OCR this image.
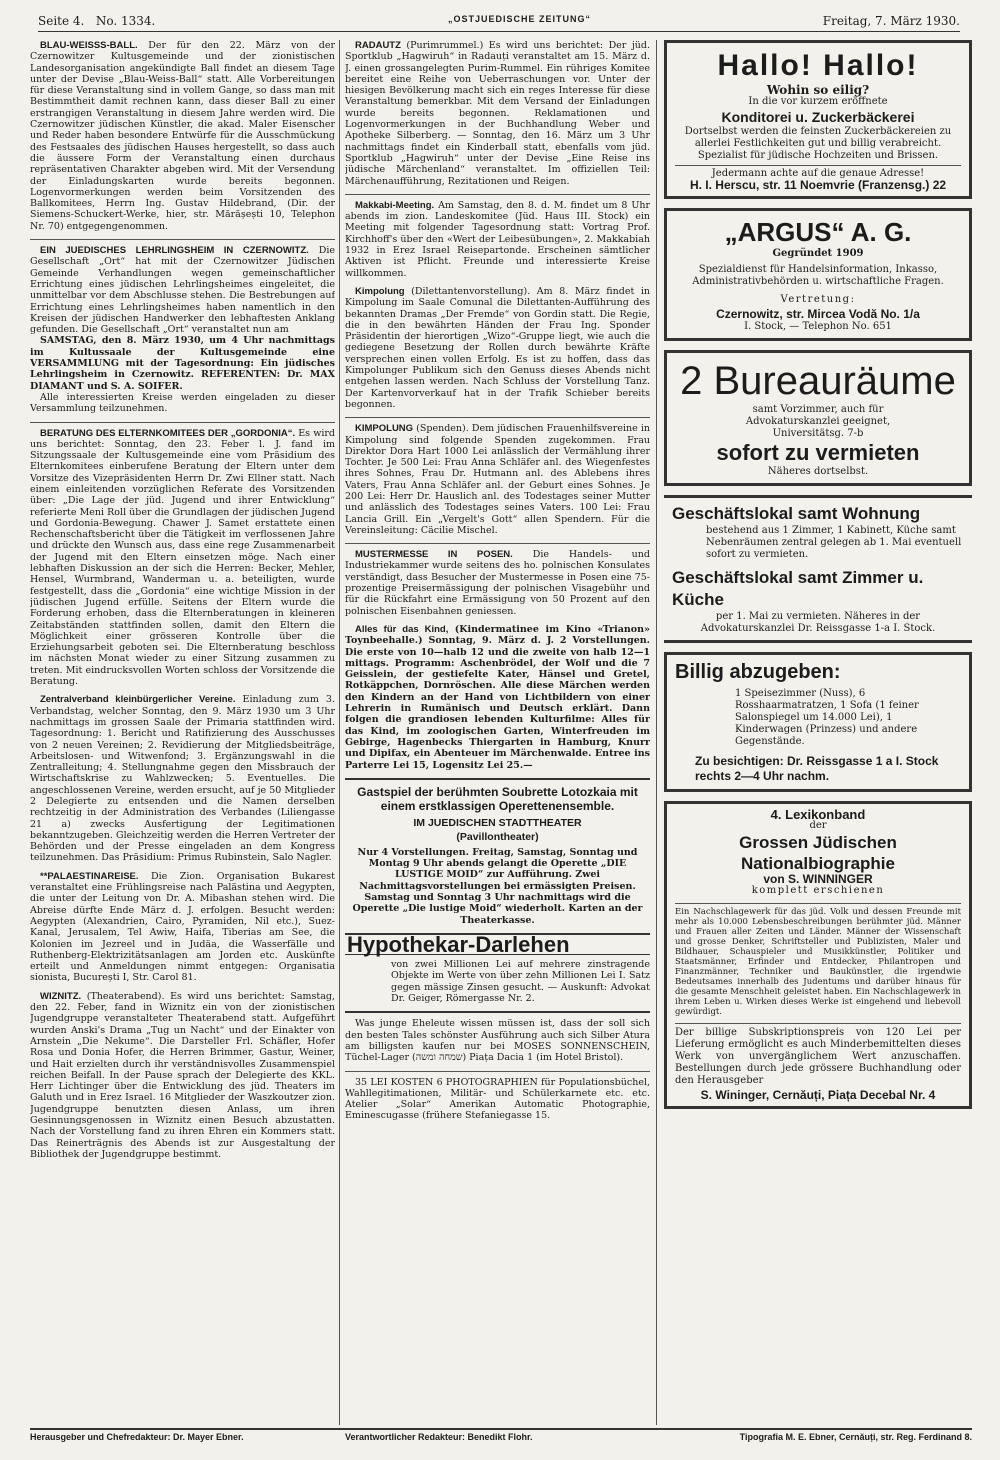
Seite 4. No. 1334.	„OSTJUEDISCHE ZEITUNG“	Freitag, 7. März 1930.

BLAU-WEISSS-BALL. Der für den 22. März von der Czernowitzer Kultusgemeinde und der zionistischen Landesorganisation angekündigte Ball findet an diesem Tage unter der Devise „Blau-Weiss-Ball“ statt. Alle Vorbereitungen für diese Veranstaltung sind in vollem Gange, so dass man mit Bestimmtheit damit rechnen kann, dass dieser Ball zu einer erstrangigen Veranstaltung in diesem Jahre werden wird. Die Czernowitzer jüdischen Künstler, die akad. Maler Eisenscher und Reder haben besondere Entwürfe für die Ausschmückung des Festsaales des jüdischen Hauses hergestellt, so dass auch die äussere Form der Veranstaltung einen durchaus repräsentativen Charakter abgeben wird. Mit der Versendung der Einladungskarten wurde bereits begonnen. Logenvormerkungen werden beim Vorsitzenden des Ballkomitees, Herrn Ing. Gustav Hildebrand, (Dir. der Siemens-Schuckert-Werke, hier, str. Mărășești 10, Telephon Nr. 70) entgegengenommen.

EIN JUEDISCHES LEHRLINGSHEIM IN CZERNOWITZ. Die Gesellschaft „Ort“ hat mit der Czernowitzer Jüdischen Gemeinde Verhandlungen wegen gemeinschaftlicher Errichtung eines jüdischen Lehrlingsheimes eingeleitet, die unmittelbar vor dem Abschlusse stehen. Die Bestrebungen auf Errichtung eines Lehrlingsheimes haben namentlich in den Kreisen der jüdischen Handwerker den lebhaftesten Anklang gefunden. Die Gesellschaft „Ort“ veranstaltet nun am

SAMSTAG, den 8. März 1930, um 4 Uhr nachmittags im Kultussaale der Kultusgemeinde eine VERSAMMLUNG mit der Tagesordnung: Ein jüdisches Lehrlingsheim in Czernowitz. REFERENTEN: Dr. MAX DIAMANT und S. A. SOIFER.

Alle interessierten Kreise werden eingeladen zu dieser Versammlung teilzunehmen.

BERATUNG DES ELTERNKOMITEES DER „GORDONIA“. Es wird uns berichtet: Sonntag, den 23. Feber l. J. fand im Sitzungssaale der Kultusgemeinde eine vom Präsidium des Elternkomitees einberufene Beratung der Eltern unter dem Vorsitze des Vizepräsidenten Herrn Dr. Zwi Ellner statt. Nach einem einleitenden vorzüglichen Referate des Vorsitzenden über: „Die Lage der jüd. Jugend und ihrer Entwicklung“ referierte Meni Roll über die Grundlagen der jüdischen Jugend und Gordonia-Bewegung. Chawer J. Samet erstattete einen Rechenschaftsbericht über die Tätigkeit im verflossenen Jahre und drückte den Wunsch aus, dass eine rege Zusammenarbeit der Jugend mit den Eltern einsetzen möge. Nach einer lebhaften Diskussion an der sich die Herren: Becker, Mehler, Hensel, Wurmbrand, Wanderman u. a. beteiligten, wurde festgestellt, dass die „Gordonia“ eine wichtige Mission in der jüdischen Jugend erfülle. Seitens der Eltern wurde die Forderung erhoben, dass die Elternberatungen in kleineren Zeitabständen stattfinden sollen, damit den Eltern die Möglichkeit einer grösseren Kontrolle über die Erziehungsarbeit geboten sei. Die Elternberatung beschloss im nächsten Monat wieder zu einer Sitzung zusammen zu treten. Mit eindrucksvollen Worten schloss der Vorsitzende die Beratung.

Zentralverband kleinbürgerlicher Vereine. Einladung zum 3. Verbandstag, welcher Sonntag, den 9. März 1930 um 3 Uhr nachmittags im grossen Saale der Primaria stattfinden wird. Tagesordnung: 1. Bericht und Ratifizierung des Ausschusses von 2 neuen Vereinen; 2. Revidierung der Mitgliedsbeiträge, Arbeitslosen- und Witwenfond; 3. Ergänzungswahl in die Zentralleitung; 4. Stellungnahme gegen den Missbrauch der Wirtschaftskrise zu Wahlzwecken; 5. Eventuelles. Die angeschlossenen Vereine, werden ersucht, auf je 50 Mitglieder 2 Delegierte zu entsenden und die Namen derselben rechtzeitig in der Administration des Verbandes (Liliengasse 21 a) zwecks Ausfertigung der Legitimationen bekanntzugeben. Gleichzeitig werden die Herren Vertreter der Behörden und der Presse eingeladen an dem Kongress teilzunehmen. Das Präsidium: Primus Rubinstein, Salo Nagler.

**PALAESTINAREISE. Die Zion. Organisation Bukarest veranstaltet eine Frühlingsreise nach Palästina und Aegypten, die unter der Leitung von Dr. A. Mibashan stehen wird. Die Abreise dürfte Ende März d. J. erfolgen. Besucht werden: Aegypten (Alexandrien, Cairo, Pyramiden, Nil etc.), Suez-Kanal, Jerusalem, Tel Awiw, Haifa, Tiberias am See, die Kolonien im Jezreel und in Judäa, die Wasserfälle und Ruthenberg-Elektrizitätsanlagen am Jorden etc. Auskünfte erteilt und Anmeldungen nimmt entgegen: Organisatia sionista, București I, Str. Carol 81.

WIZNITZ. (Theaterabend). Es wird uns berichtet: Samstag, den 22. Feber, fand in Wiznitz ein von der zionistischen Jugendgruppe veranstalteter Theaterabend statt. Aufgeführt wurden Anski's Drama „Tug un Nacht“ und der Einakter von Arnstein „Die Nekume“. Die Darsteller Frl. Schäfler, Hofer Rosa und Donia Hofer, die Herren Brimmer, Gastur, Weiner, und Hait erzielten durch ihr verständnisvolles Zusammenspiel reichen Beifall. In der Pause sprach der Delegierte des KKL. Herr Lichtinger über die Entwicklung des jüd. Theaters im Galuth und in Erez Israel. 16 Mitglieder der Waszkoutzer zion. Jugendgruppe benutzten diesen Anlass, um ihren Gesinnungsgenossen in Wiznitz einen Besuch abzustatten. Nach der Vorstellung fand zu ihren Ehren ein Kommers statt. Das Reinerträgnis des Abends ist zur Ausgestaltung der Bibliothek der Jugendgruppe bestimmt.

RADAUTZ (Purimrummel.) Es wird uns berichtet: Der jüd. Sportklub „Hagwiruh“ in Radauți veranstaltet am 15. März d. J. einen grossangelegten Purim-Rummel. Ein rühriges Komitee bereitet eine Reihe von Ueberraschungen vor. Unter der hiesigen Bevölkerung macht sich ein reges Interesse für diese Veranstaltung bemerkbar. Mit dem Versand der Einladungen wurde bereits begonnen. Reklamationen und Logenvormerkungen in der Buchhandlung Weber und Apotheke Silberberg. — Sonntag, den 16. März um 3 Uhr nachmittags findet ein Kinderball statt, ebenfalls vom jüd. Sportklub „Hagwiruh“ unter der Devise „Eine Reise ins jüdische Märchenland“ veranstaltet. Im offiziellen Teil: Märchenaufführung, Rezitationen und Reigen.

Makkabi-Meeting. Am Samstag, den 8. d. M. findet um 8 Uhr abends im zion. Landeskomitee (Jüd. Haus III. Stock) ein Meeting mit folgender Tagesordnung statt: Vortrag Prof. Kirchhoff's über den «Wert der Leibesübungen», 2. Makkabiah 1932 in Erez Israel Reisepartonde. Erscheinen sämtlicher Aktiven ist Pflicht. Freunde und interessierte Kreise willkommen.

Kimpolung (Dilettantenvorstellung). Am 8. März findet in Kimpolung im Saale Comunal die Dilettanten-Aufführung des bekannten Dramas „Der Fremde“ von Gordin statt. Die Regie, die in den bewährten Händen der Frau Ing. Sponder Präsidentin der hierortigen „Wizo“-Gruppe liegt, wie auch die gediegene Besetzung der Rollen durch bewährte Kräfte versprechen einen vollen Erfolg. Es ist zu hoffen, dass das Kimpolunger Publikum sich den Genuss dieses Abends nicht entgehen lassen werden. Nach Schluss der Vorstellung Tanz. Der Kartenvorverkauf hat in der Trafik Schieber bereits begonnen.

KIMPOLUNG (Spenden). Dem jüdischen Frauenhilfsvereine in Kimpolung sind folgende Spenden zugekommen. Frau Direktor Dora Hart 1000 Lei anlässlich der Vermählung ihrer Tochter. Je 500 Lei: Frau Anna Schläfer anl. des Wiegenfestes ihres Sohnes, Frau Dr. Hutmann anl. des Ablebens ihres Vaters, Frau Anna Schläfer anl. der Geburt eines Sohnes. Je 200 Lei: Herr Dr. Hauslich anl. des Todestages seiner Mutter und anlässlich des Todestages seines Vaters. 100 Lei: Frau Lancia Grill. Ein „Vergelt's Gott“ allen Spendern. Für die Vereinsleitung: Cäcilie Mischel.

MUSTERMESSE IN POSEN. Die Handels- und Industriekammer wurde seitens des ho. polnischen Konsulates verständigt, dass Besucher der Mustermesse in Posen eine 75-prozentige Preisermässigung der polnischen Visagebühr und für die Rückfahrt eine Ermässigung von 50 Prozent auf den polnischen Eisenbahnen geniessen.

Alles für das Kind, (Kindermatinee im Kino «Trianon» Toynbeehalle.) Sonntag, 9. März d. J. 2 Vorstellungen. Die erste von 10—halb 12 und die zweite von halb 12—1 mittags. Programm: Aschenbrödel, der Wolf und die 7 Geisslein, der gestiefelte Kater, Hänsel und Gretel, Rotkäppchen, Dornröschen. Alle diese Märchen werden den Kindern an der Hand von Lichtbildern von einer Lehrerin in Rumänisch und Deutsch erklärt. Dann folgen die grandiosen lebenden Kulturfilme: Alles für das Kind, im zoologischen Garten, Winterfreuden im Gebirge, Hagenbecks Thiergarten in Hamburg, Knurr und Dipifax, ein Abenteuer im Märchenwalde. Entree ins Parterre Lei 15, Logensitz Lei 25.—

Gastspiel der berühmten Soubrette Lotozkaia mit einem erstklassigen Operettenensemble.
IM JUEDISCHEN STADTTHEATER
(Pavillontheater)

Nur 4 Vorstellungen. Freitag, Samstag, Sonntag und Montag 9 Uhr abends gelangt die Operette „DIE LUSTIGE MOID“ zur Aufführung. Zwei Nachmittagsvorstellungen bei ermässigten Preisen. Samstag und Sonntag 3 Uhr nachmittags wird die Operette „Die lustige Moid“ wiederholt. Karten an der Theaterkasse.

Hypothekar-Darlehen

von zwei Millionen Lei auf mehrere zinstragende Objekte im Werte von über zehn Millionen Lei I. Satz gegen mässige Zinsen gesucht. — Auskunft: Advokat Dr. Geiger, Römergasse Nr. 2.

Was junge Eheleute wissen müssen ist, dass der soll sich den besten Tales schönster Ausführung auch sich Silber Atura am billigsten kaufen nur bei MOSES SONNENSCHEIN, Tüchel-Lager (שמחה ומשה) Piața Dacia 1 (im Hotel Bristol).

35 LEI KOSTEN 6 PHOTOGRAPHIEN für Populationsbüchel, Wahllegitimationen, Militär- und Schülerkarnete etc. etc. Atelier „Solar“ Amerikan Automatic Photographie, Eminescugasse (frühere Stefaniegasse 15.

Hallo! Hallo!
Wohin so eilig?
In die vor kurzem eröffnete
Konditorei u. Zuckerbäckerei
Dortselbst werden die feinsten Zuckerbäckereien zu allerlei Festlichkeiten gut und billig verabreicht. Spezialist für jüdische Hochzeiten und Brissen.
Jedermann achte auf die genaue Adresse!
H. I. Herscu, str. 11 Noemvrie (Franzensg.) 22
„ARGUS“ A. G.
Gegründet 1909
Spezialdienst für Handelsinformation, Inkasso, Administrativbehörden u. wirtschaftliche Fragen.
Vertretung:
Czernowitz, str. Mircea Vodă No. 1/a
I. Stock, — Telephon No. 651
2 Bureauräume
samt Vorzimmer, auch für Advokaturskanzlei geeignet, Universitätsg. 7-b
sofort zu vermieten
Näheres dortselbst.
Geschäftslokal samt Wohnung
bestehend aus 1 Zimmer, 1 Kabinett, Küche samt Nebenräumen zentral gelegen ab 1. Mai eventuell sofort zu vermieten.
Geschäftslokal samt Zimmer u. Küche
per 1. Mai zu vermieten. Näheres in der Advokaturskanzlei Dr. Reissgasse 1-a I. Stock.
Billig abzugeben:
1 Speisezimmer (Nuss), 6 Rosshaarmatratzen, 1 Sofa (1 feiner Salonspiegel um 14.000 Lei), 1 Kinderwagen (Prinzess) und andere Gegenstände.
Zu besichtigen: Dr. Reissgasse 1 a I. Stock rechts 2—4 Uhr nachm.
4. Lexikonband
der
Grossen Jüdischen Nationalbiographie
von S. WINNINGER
komplett erschienen
Ein Nachschlagewerk für das jüd. Volk und dessen Freunde mit mehr als 10.000 Lebensbeschreibungen berühmter jüd. Männer und Frauen aller Zeiten und Länder. Männer der Wissenschaft und grosse Denker, Schriftsteller und Publizisten, Maler und Bildhauer, Schauspieler und Musikkünstler, Politiker und Staatsmänner, Erfinder und Entdecker, Philantropen und Finanzmänner, Techniker und Baukünstler, die irgendwie Bedeutsames innerhalb des Judentums und darüber hinaus für die gesamte Menschheit geleistet haben. Ein Nachschlagewerk in ihrem Leben u. Wirken dieses Werke ist eingehend und liebevoll gewürdigt.
Der billige Subskriptionspreis von 120 Lei per Lieferung ermöglicht es auch Minderbemittelten dieses Werk von unvergänglichem Wert anzuschaffen. Bestellungen durch jede grössere Buchhandlung oder den Herausgeber
S. Wininger, Cernăuți, Piața Decebal Nr. 4
Herausgeber und Chefredakteur: Dr. Mayer Ebner.	Verantwortlicher Redakteur: Benedikt Flohr.	Tipografia M. E. Ebner, Cernăuți, str. Reg. Ferdinand 8.
